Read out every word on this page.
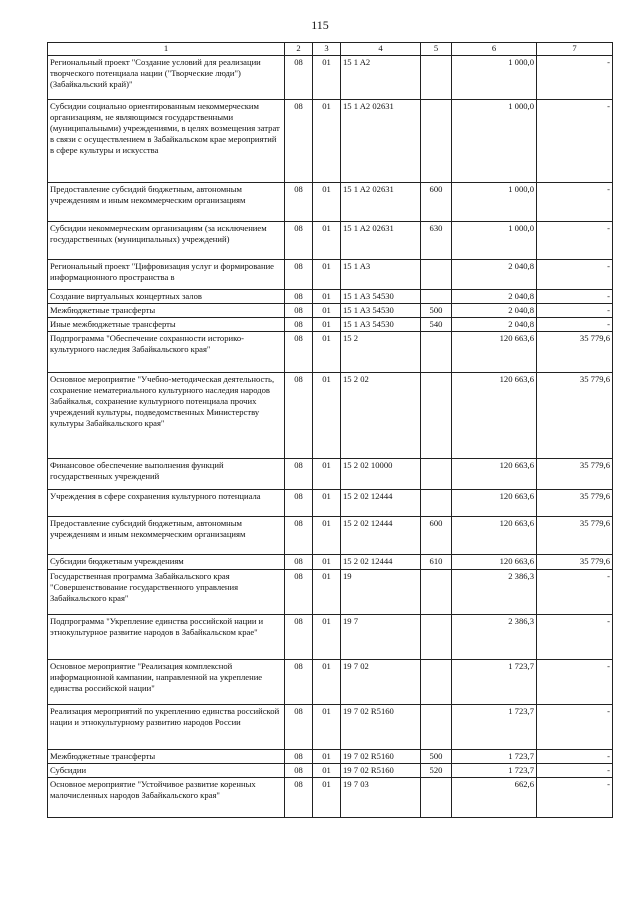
115
1	2	3	4	5	6	7
Региональный проект "Создание условий для реализации творческого потенциала нации ("Творческие люди") (Забайкальский край)"	08	01	15 1 A2		1 000,0	-
Субсидии социально ориентированным некоммерческим организациям, не являющимся государственными (муниципальными) учреждениями, в целях возмещения затрат в связи с осуществлением в Забайкальском крае мероприятий в сфере культуры и искусства	08	01	15 1 A2 02631		1 000,0	-
Предоставление субсидий бюджетным, автономным учреждениям и иным некоммерческим организациям	08	01	15 1 A2 02631	600	1 000,0	-
Субсидии некоммерческим организациям (за исключением государственных (муниципальных) учреждений)	08	01	15 1 A2 02631	630	1 000,0	-
Региональный проект "Цифровизация услуг и формирование информационного пространства в	08	01	15 1 A3		2 040,8	-
Создание виртуальных концертных залов	08	01	15 1 A3 54530		2 040,8	-
Межбюджетные трансферты	08	01	15 1 A3 54530	500	2 040,8	-
Иные межбюджетные трансферты	08	01	15 1 A3 54530	540	2 040,8	-
Подпрограмма "Обеспечение сохранности историко-культурного наследия Забайкальского края"	08	01	15 2		120 663,6	35 779,6
Основное мероприятие "Учебно-методическая деятельность, сохранение нематериального культурного наследия народов Забайкалья, сохранение культурного потенциала прочих учреждений культуры, подведомственных Министерству культуры Забайкальского края"	08	01	15 2 02		120 663,6	35 779,6
Финансовое обеспечение выполнения функций государственных учреждений	08	01	15 2 02 10000		120 663,6	35 779,6
Учреждения в сфере сохранения культурного потенциала	08	01	15 2 02 12444		120 663,6	35 779,6
Предоставление субсидий бюджетным, автономным учреждениям и иным некоммерческим организациям	08	01	15 2 02 12444	600	120 663,6	35 779,6
Субсидии бюджетным учреждениям	08	01	15 2 02 12444	610	120 663,6	35 779,6
Государственная программа Забайкальского края "Совершенствование государственного управления Забайкальского края"	08	01	19		2 386,3	-
Подпрограмма "Укрепление единства российской нации и этнокультурное развитие народов в Забайкальском крае"	08	01	19 7		2 386,3	-
Основное мероприятие "Реализация комплексной информационной кампании, направленной на укрепление единства российской нации"	08	01	19 7 02		1 723,7	-
Реализация мероприятий по укреплению единства российской нации и этнокультурному развитию народов России	08	01	19 7 02 R5160		1 723,7	-
Межбюджетные трансферты	08	01	19 7 02 R5160	500	1 723,7	-
Субсидии	08	01	19 7 02 R5160	520	1 723,7	-
Основное мероприятие "Устойчивое развитие коренных малочисленных народов Забайкальского края"	08	01	19 7 03		662,6	-
